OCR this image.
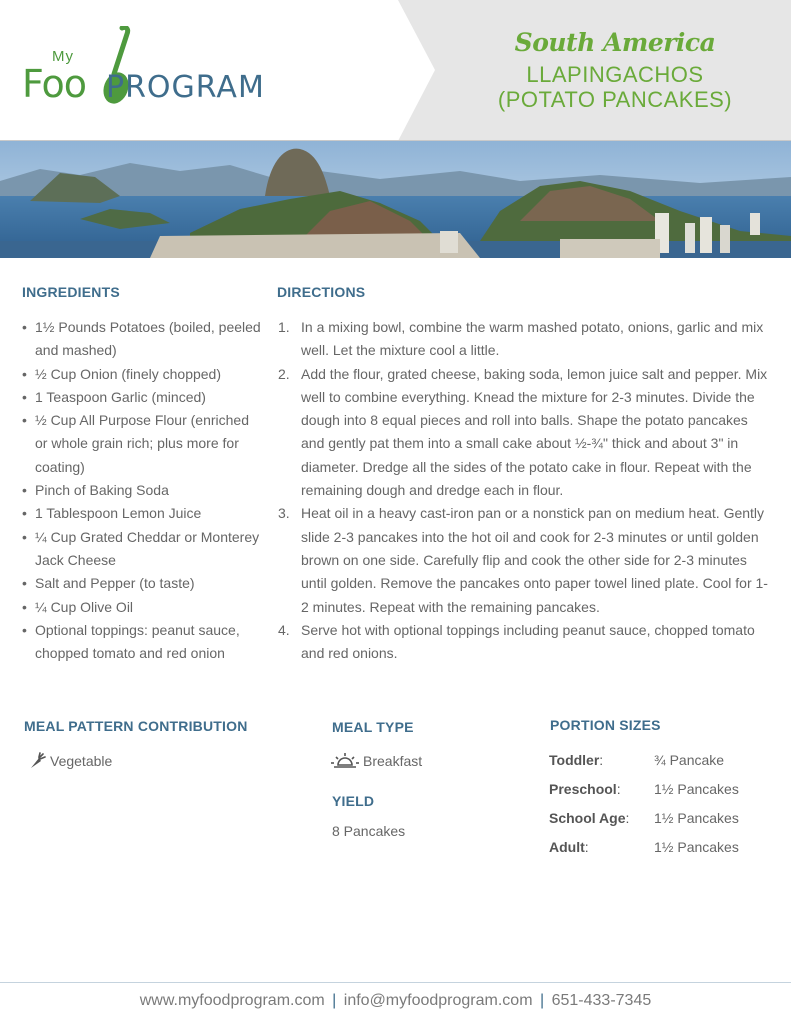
My
Foo PROGRAM
South America
LLAPINGACHOS
(POTATO PANCAKES)
INGREDIENTS
• 1½ Pounds Potatoes (boiled, peeled and mashed)
• ½ Cup Onion (finely chopped)
• 1 Teaspoon Garlic (minced)
• ½ Cup All Purpose Flour (enriched or whole grain rich; plus more for coating)
• Pinch of Baking Soda
• 1 Tablespoon Lemon Juice
• ¼ Cup Grated Cheddar or Monterey Jack Cheese
• Salt and Pepper (to taste)
• ¼ Cup Olive Oil
• Optional toppings: peanut sauce, chopped tomato and red onion
DIRECTIONS
1. In a mixing bowl, combine the warm mashed potato, onions, garlic and mix well. Let the mixture cool a little.
2. Add the flour, grated cheese, baking soda, lemon juice salt and pepper. Mix well to combine everything. Knead the mixture for 2-3 minutes. Divide the dough into 8 equal pieces and roll into balls. Shape the potato pancakes and gently pat them into a small cake about ½-¾" thick and about 3" in diameter. Dredge all the sides of the potato cake in flour. Repeat with the remaining dough and dredge each in flour.
3. Heat oil in a heavy cast-iron pan or a nonstick pan on medium heat. Gently slide 2-3 pancakes into the hot oil and cook for 2-3 minutes or until golden brown on one side. Carefully flip and cook the other side for 2-3 minutes until golden. Remove the pancakes onto paper towel lined plate. Cool for 1-2 minutes. Repeat with the remaining pancakes.
4. Serve hot with optional toppings including peanut sauce, chopped tomato and red onions.
MEAL PATTERN CONTRIBUTION
Vegetable
MEAL TYPE
Breakfast
YIELD
8 Pancakes
PORTION SIZES
Toddler:	¾ Pancake
Preschool: 1½ Pancakes
School Age: 1½ Pancakes
Adult:	1½ Pancakes
www.myfoodprogram.com | info@myfoodprogram.com | 651-433-7345
